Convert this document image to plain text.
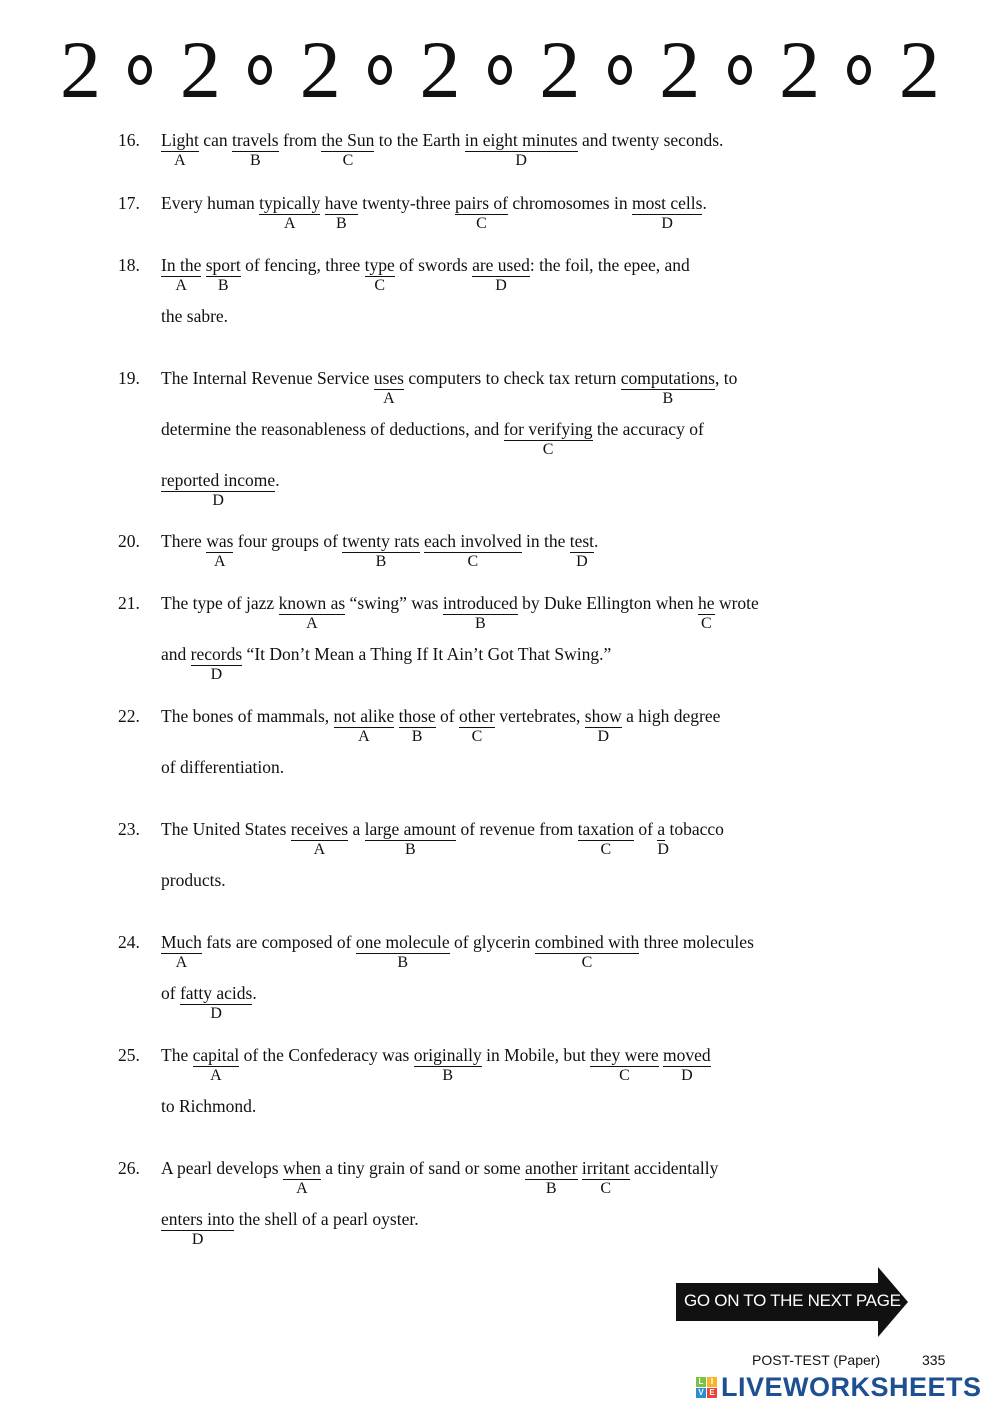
2 2 2 2 2 2 2 2
16.	Light
A
can travels
B
from the Sun
C
to the Earth in eight minutes
D
and twenty seconds.
17.	Every human typically
A
have
B
twenty-three pairs of
C
chromosomes in most cells
D
.
18.	In the
A
sport
B
of fencing, three type
C
of swords are used
D
: the foil, the epee, and
the sabre.
19.	The Internal Revenue Service uses
A
computers to check tax return computations
B
, to
determine the reasonableness of deductions, and for verifying
C
the accuracy of
reported income
D
.
20.	There was
A
four groups of twenty rats
B
each involved
C
in the test
D
.
21.	The type of jazz known as
A
“swing” was introduced
B
by Duke Ellington when he
C
wrote
and records
D
“It Don’t Mean a Thing If It Ain’t Got That Swing.”
22.	The bones of mammals, not alike
A
those
B
of other
C
vertebrates, show
D
a high degree
of differentiation.
23.	The United States receives
A
a large amount
B
of revenue from taxation
C
of a
D
tobacco
products.
24.	Much
A
fats are composed of one molecule
B
of glycerin combined with
C
three molecules
of fatty acids
D
.
25.	The capital
A
of the Confederacy was originally
B
in Mobile, but they were
C
moved
D
to Richmond.
26.	A pearl develops when
A
a tiny grain of sand or some another
B
irritant
C
accidentally
enters into
D
the shell of a pearl oyster.
GO ON TO THE NEXT PAGE
POST-TEST (Paper)	335
L I
V E LIVEWORKSHEETS
